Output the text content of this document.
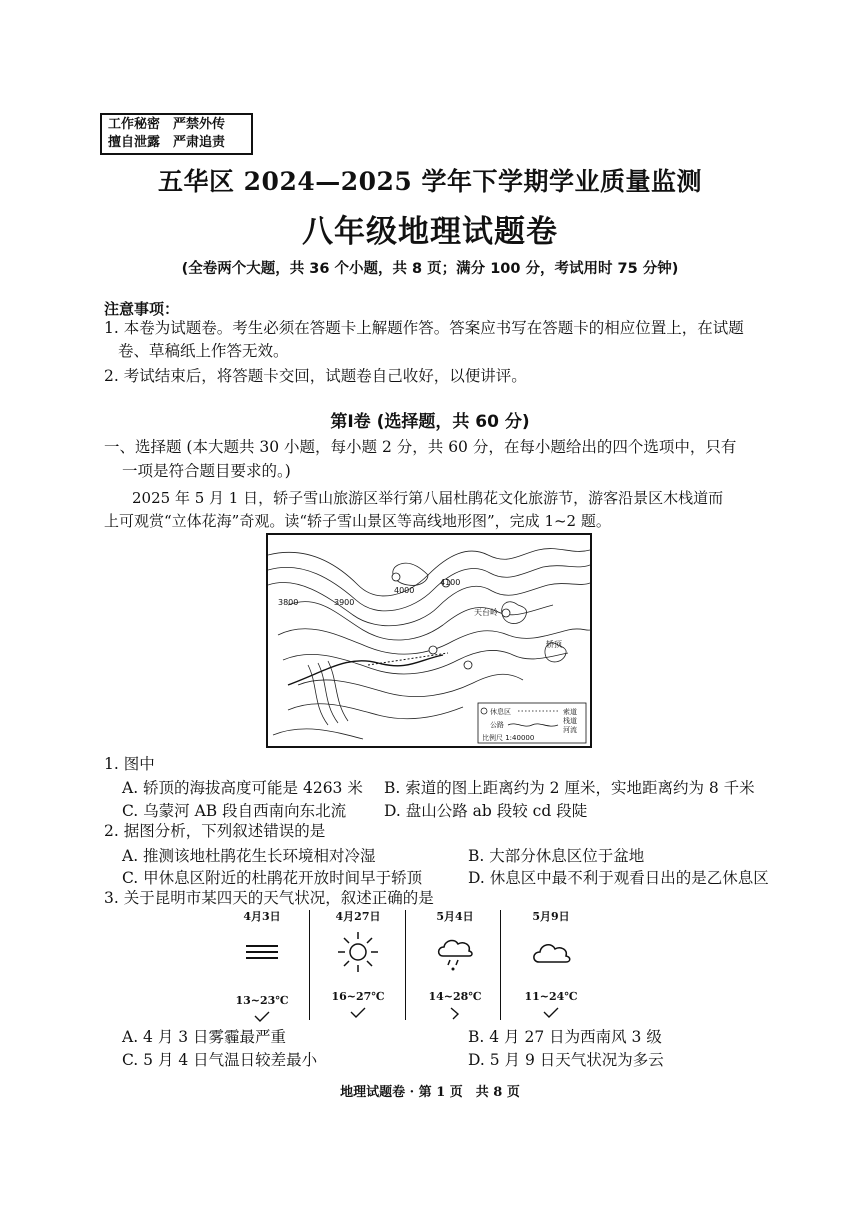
工作秘密　严禁外传
擅自泄露　严肃追责
五华区 2024—2025 学年下学期学业质量监测
八年级地理试题卷
(全卷两个大题，共 36 个小题，共 8 页；满分 100 分，考试用时 75 分钟)
注意事项：
1. 本卷为试题卷。考生必须在答题卡上解题作答。答案应书写在答题卡的相应位置上，在试题
卷、草稿纸上作答无效。
2. 考试结束后，将答题卡交回，试题卷自己收好，以便讲评。
第Ⅰ卷 (选择题，共 60 分)
一、选择题 (本大题共 30 小题，每小题 2 分，共 60 分，在每小题给出的四个选项中，只有
一项是符合题目要求的。)
2025 年 5 月 1 日，轿子雪山旅游区举行第八届杜鹃花文化旅游节，游客沿景区木栈道而
上可观赏“立体花海”奇观。读“轿子雪山景区等高线地形图”，完成 1~2 题。
3800	3900
4000
4100
天台岭
轿顶
休息区	索道
公路	栈道
河流
比例尺 1:40000
1. 图中
A. 轿顶的海拔高度可能是 4263 米 B. 索道的图上距离约为 2 厘米，实地距离约为 8 千米
C. 乌蒙河 AB 段自西南向东北流 D. 盘山公路 ab 段较 cd 段陡
2. 据图分析，下列叙述错误的是
A. 推测该地杜鹃花生长环境相对冷湿	B. 大部分休息区位于盆地
C. 甲休息区附近的杜鹃花开放时间早于轿顶	D. 休息区中最不利于观看日出的是乙休息区
3. 关于昆明市某四天的天气状况，叙述正确的是
4月3日
13~23℃
4月27日
16~27℃
5月4日
14~28℃
5月9日
11~24℃
A. 4 月 3 日雾霾最严重	B. 4 月 27 日为西南风 3 级
C. 5 月 4 日气温日较差最小	D. 5 月 9 日天气状况为多云
地理试题卷 · 第 1 页　共 8 页
